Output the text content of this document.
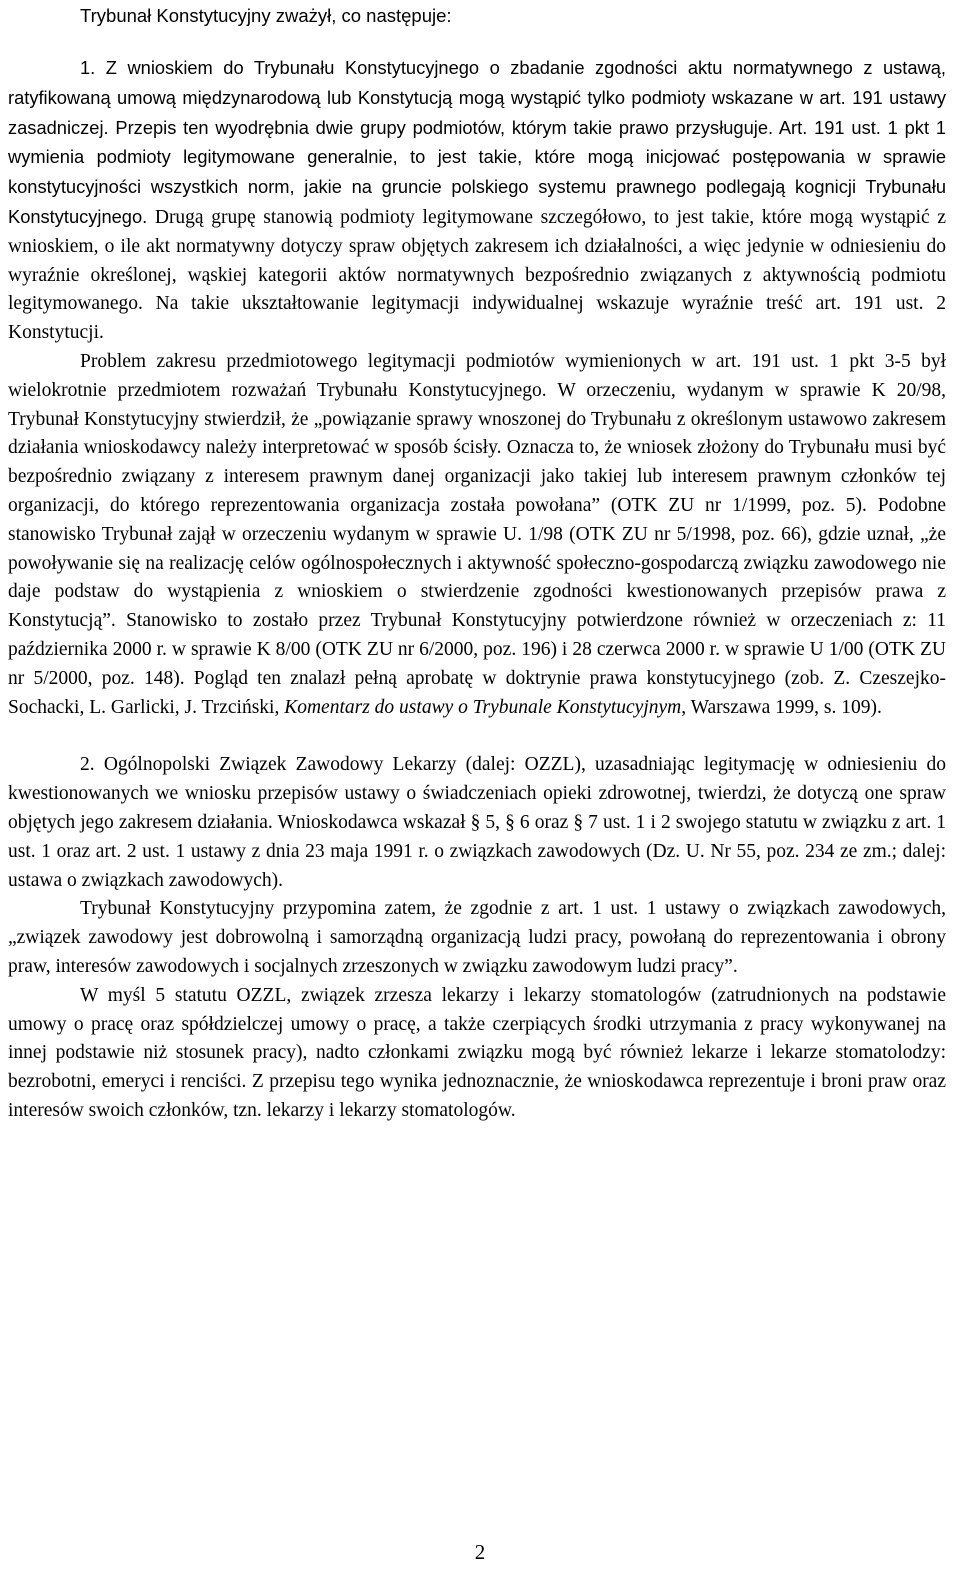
Trybunał Konstytucyjny zważył, co następuje:

1. Z wnioskiem do Trybunału Konstytucyjnego o zbadanie zgodności aktu normatywnego z ustawą, ratyfikowaną umową międzynarodową lub Konstytucją mogą wystąpić tylko podmioty wskazane w art. 191 ustawy zasadniczej. Przepis ten wyodrębnia dwie grupy podmiotów, którym takie prawo przysługuje. Art. 191 ust. 1 pkt 1 wymienia podmioty legitymowane generalnie, to jest takie, które mogą inicjować postępowania w sprawie konstytucyjności wszystkich norm, jakie na gruncie polskiego systemu prawnego podlegają kognicji Trybunału Konstytucyjnego. Drugą grupę stanowią podmioty legitymowane szczegółowo, to jest takie, które mogą wystąpić z wnioskiem, o ile akt normatywny dotyczy spraw objętych zakresem ich działalności, a więc jedynie w odniesieniu do wyraźnie określonej, wąskiej kategorii aktów normatywnych bezpośrednio związanych z aktywnością podmiotu legitymowanego. Na takie ukształtowanie legitymacji indywidualnej wskazuje wyraźnie treść art. 191 ust. 2 Konstytucji.

Problem zakresu przedmiotowego legitymacji podmiotów wymienionych w art. 191 ust. 1 pkt 3-5 był wielokrotnie przedmiotem rozważań Trybunału Konstytucyjnego. W orzeczeniu, wydanym w sprawie K 20/98, Trybunał Konstytucyjny stwierdził, że „powiązanie sprawy wnoszonej do Trybunału z określonym ustawowo zakresem działania wnioskodawcy należy interpretować w sposób ścisły. Oznacza to, że wniosek złożony do Trybunału musi być bezpośrednio związany z interesem prawnym danej organizacji jako takiej lub interesem prawnym członków tej organizacji, do którego reprezentowania organizacja została powołana” (OTK ZU nr 1/1999, poz. 5). Podobne stanowisko Trybunał zajął w orzeczeniu wydanym w sprawie U. 1/98 (OTK ZU nr 5/1998, poz. 66), gdzie uznał, „że powoływanie się na realizację celów ogólnospołecznych i aktywność społeczno-gospodarczą związku zawodowego nie daje podstaw do wystąpienia z wnioskiem o stwierdzenie zgodności kwestionowanych przepisów prawa z Konstytucją”. Stanowisko to zostało przez Trybunał Konstytucyjny potwierdzone również w orzeczeniach z: 11 października 2000 r. w sprawie K 8/00 (OTK ZU nr 6/2000, poz. 196) i 28 czerwca 2000 r. w sprawie U 1/00 (OTK ZU nr 5/2000, poz. 148). Pogląd ten znalazł pełną aprobatę w doktrynie prawa konstytucyjnego (zob. Z. Czeszejko-Sochacki, L. Garlicki, J. Trzciński, Komentarz do ustawy o Trybunale Konstytucyjnym, Warszawa 1999, s. 109).

2. Ogólnopolski Związek Zawodowy Lekarzy (dalej: OZZL), uzasadniając legitymację w odniesieniu do kwestionowanych we wniosku przepisów ustawy o świadczeniach opieki zdrowotnej, twierdzi, że dotyczą one spraw objętych jego zakresem działania. Wnioskodawca wskazał § 5, § 6 oraz § 7 ust. 1 i 2 swojego statutu w związku z art. 1 ust. 1 oraz art. 2 ust. 1 ustawy z dnia 23 maja 1991 r. o związkach zawodowych (Dz. U. Nr 55, poz. 234 ze zm.; dalej: ustawa o związkach zawodowych).

Trybunał Konstytucyjny przypomina zatem, że zgodnie z art. 1 ust. 1 ustawy o związkach zawodowych, „związek zawodowy jest dobrowolną i samorządną organizacją ludzi pracy, powołaną do reprezentowania i obrony praw, interesów zawodowych i socjalnych zrzeszonych w związku zawodowym ludzi pracy”.

W myśl 5 statutu OZZL, związek zrzesza lekarzy i lekarzy stomatologów (zatrudnionych na podstawie umowy o pracę oraz spółdzielczej umowy o pracę, a także czerpiących środki utrzymania z pracy wykonywanej na innej podstawie niż stosunek pracy), nadto członkami związku mogą być również lekarze i lekarze stomatolodzy: bezrobotni, emeryci i renciści. Z przepisu tego wynika jednoznacznie, że wnioskodawca reprezentuje i broni praw oraz interesów swoich członków, tzn. lekarzy i lekarzy stomatologów.

2
